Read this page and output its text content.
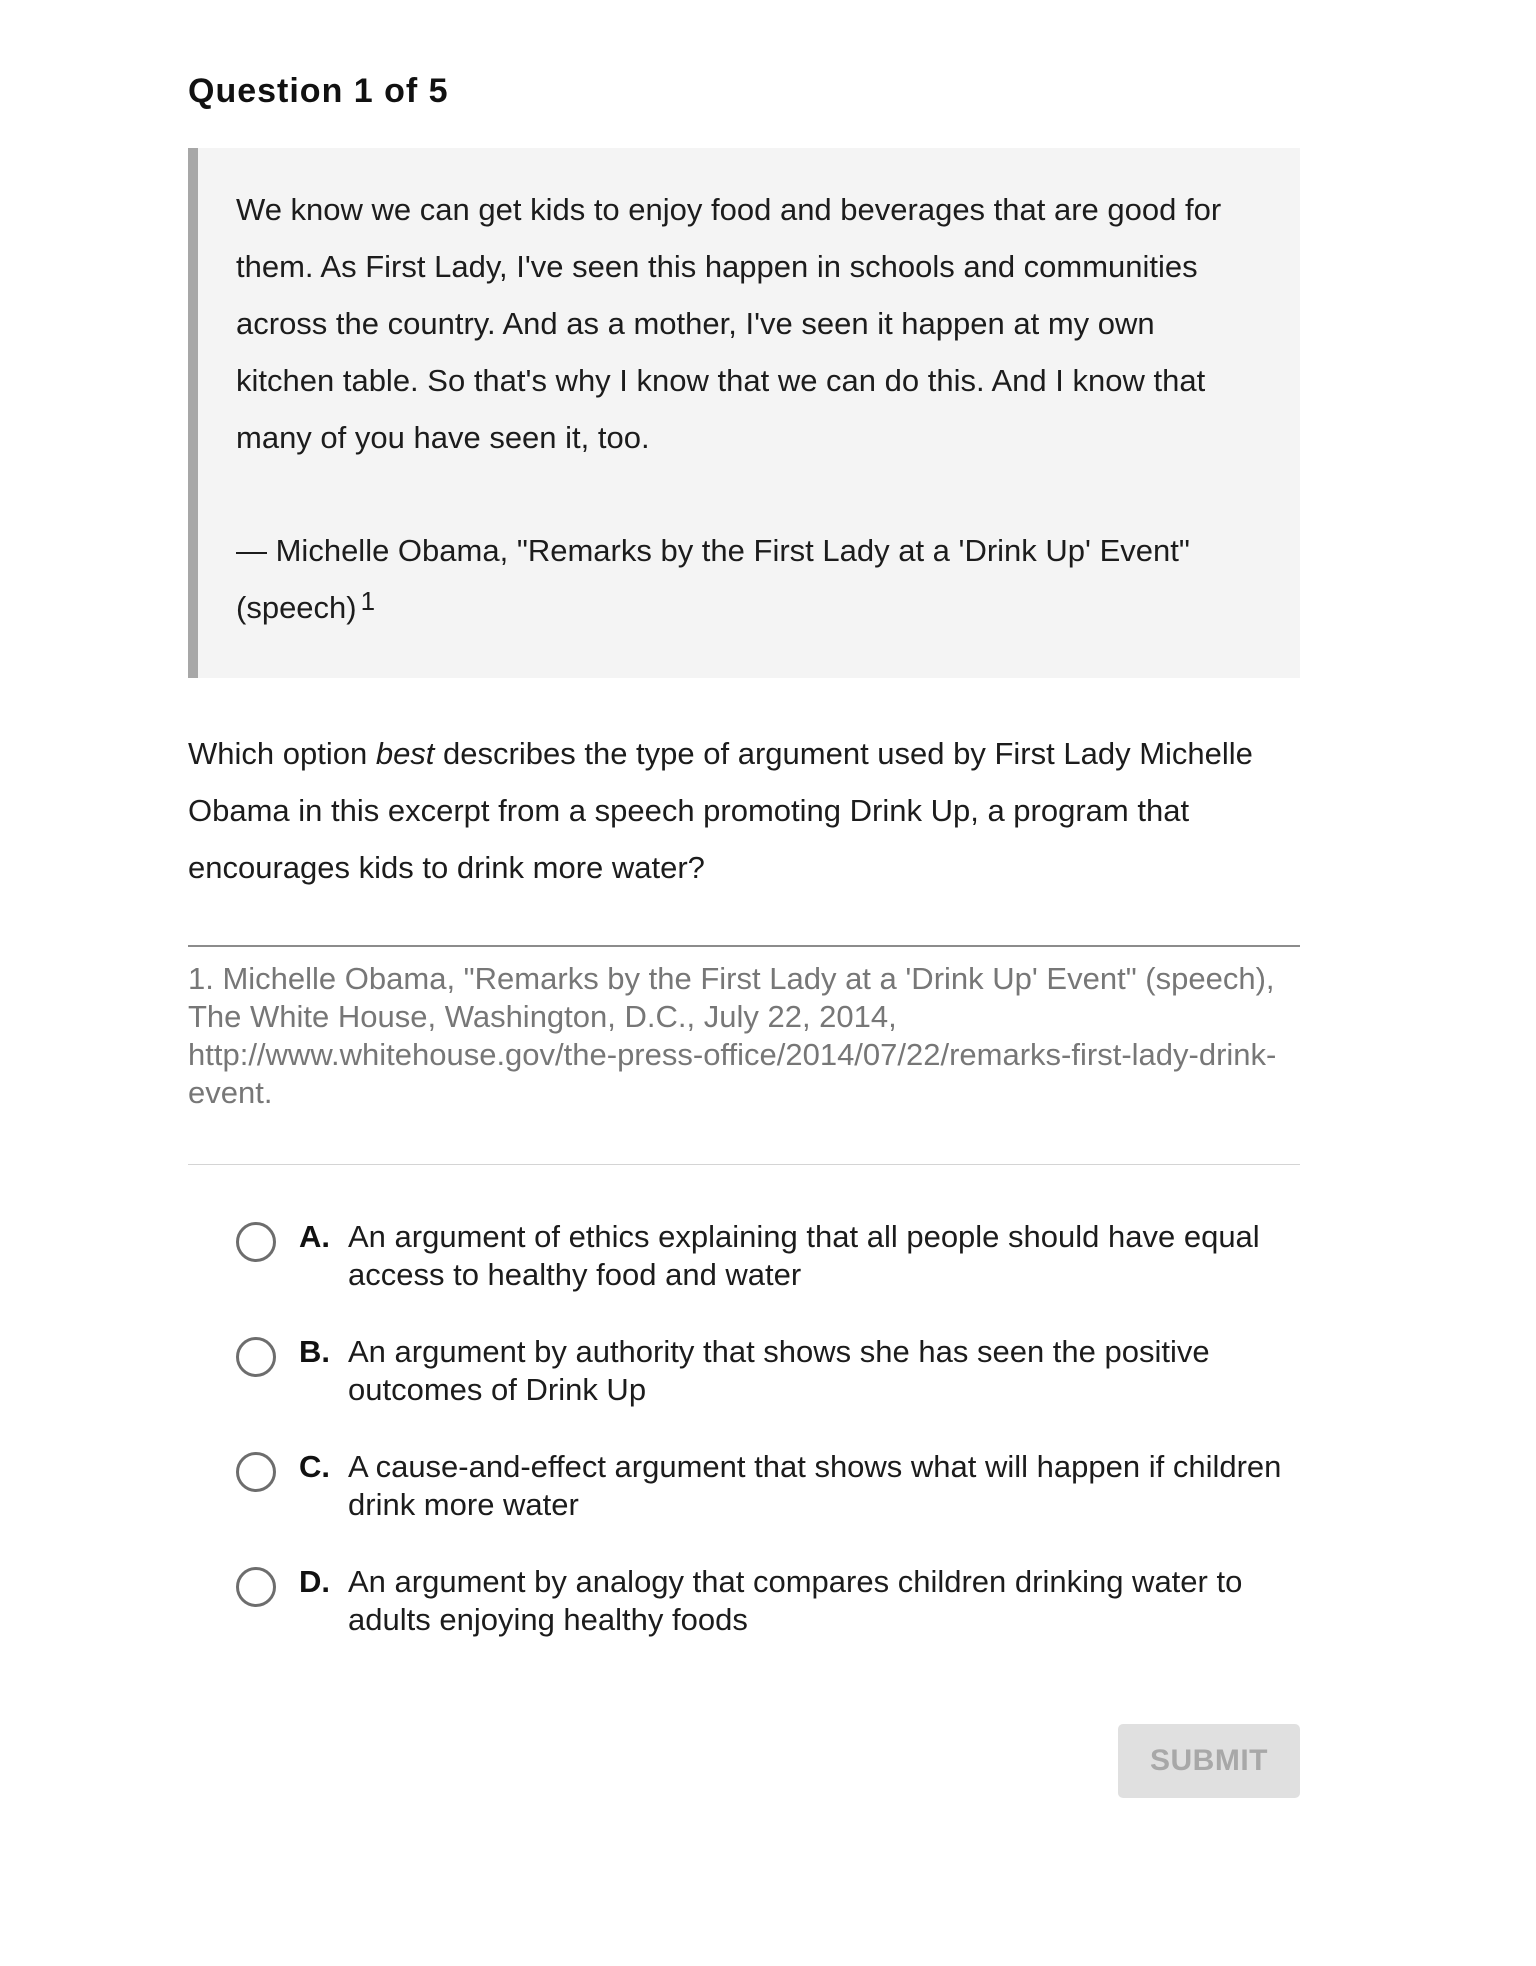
Question 1 of 5

We know we can get kids to enjoy food and beverages that are good for them. As First Lady, I've seen this happen in schools and communities across the country. And as a mother, I've seen it happen at my own kitchen table. So that's why I know that we can do this. And I know that many of you have seen it, too.

— Michelle Obama, "Remarks by the First Lady at a 'Drink Up' Event" (speech) $^1$

Which option best describes the type of argument used by First Lady Michelle Obama in this excerpt from a speech promoting Drink Up, a program that encourages kids to drink more water?

1. Michelle Obama, "Remarks by the First Lady at a 'Drink Up' Event" (speech), The White House, Washington, D.C., July 22, 2014, http://www.whitehouse.gov/the-press-office/2014/07/22/remarks-first-lady-drink-event.

A. An argument of ethics explaining that all people should have equal access to healthy food and water
B. An argument by authority that shows she has seen the positive outcomes of Drink Up
C. A cause-and-effect argument that shows what will happen if children drink more water
D. An argument by analogy that compares children drinking water to adults enjoying healthy foods
SUBMIT
